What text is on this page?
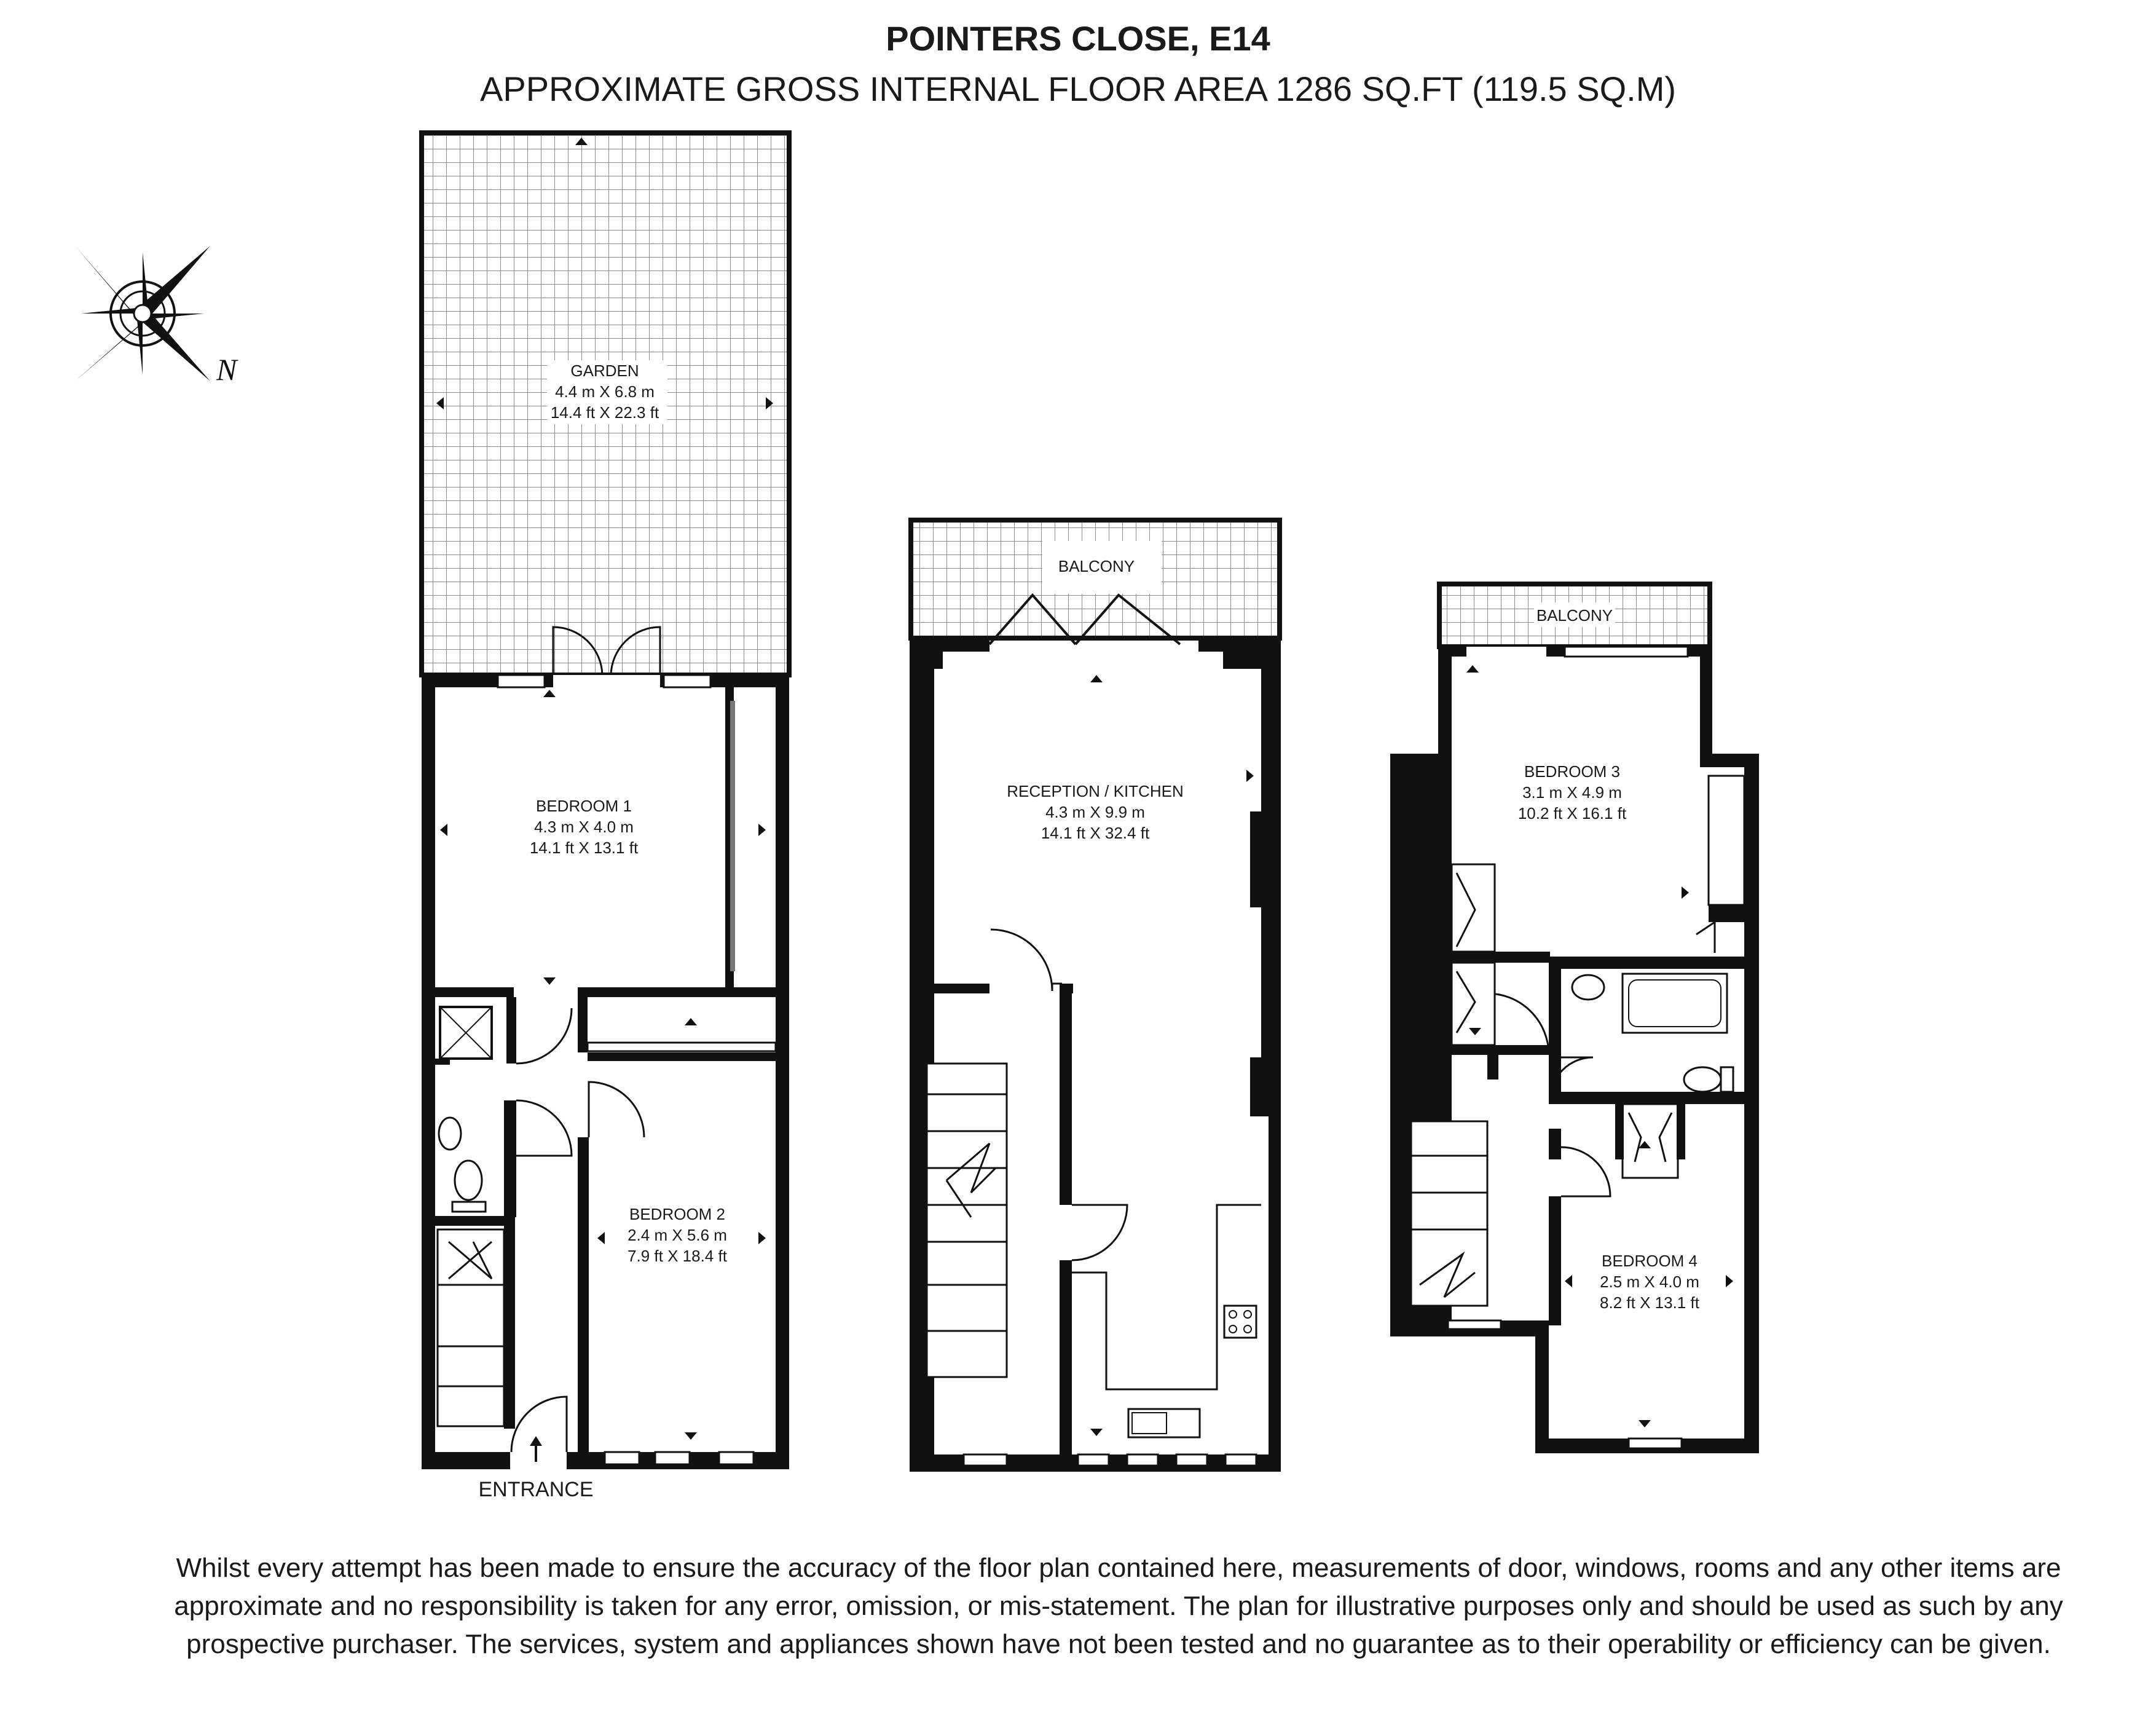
POINTERS CLOSE, E14
APPROXIMATE GROSS INTERNAL FLOOR AREA 1286 SQ.FT (119.5 SQ.M)
N	GARDEN
4.4 m X 6.8 m
14.4 ft X 22.3 ft
BEDROOM 1
4.3 m X 4.0 m
14.1 ft X 13.1 ft
BEDROOM 2
2.4 m X 5.6 m
7.9 ft X 18.4 ft
RECEPTION / KITCHEN
4.3 m X 9.9 m
14.1 ft X 32.4 ft
BALCONY
BALCONY
BEDROOM 3
3.1 m X 4.9 m
10.2 ft X 16.1 ft
BEDROOM 4
2.5 m X 4.0 m
8.2 ft X 13.1 ft
ENTRANCE
Whilst every attempt has been made to ensure the accuracy of the floor plan contained here, measurements of door, windows, rooms and any other items are approximate and no responsibility is taken for any error, omission, or mis-statement. The plan for illustrative purposes only and should be used as such by any prospective purchaser. The services, system and appliances shown have not been tested and no guarantee as to their operability or efficiency can be given.
